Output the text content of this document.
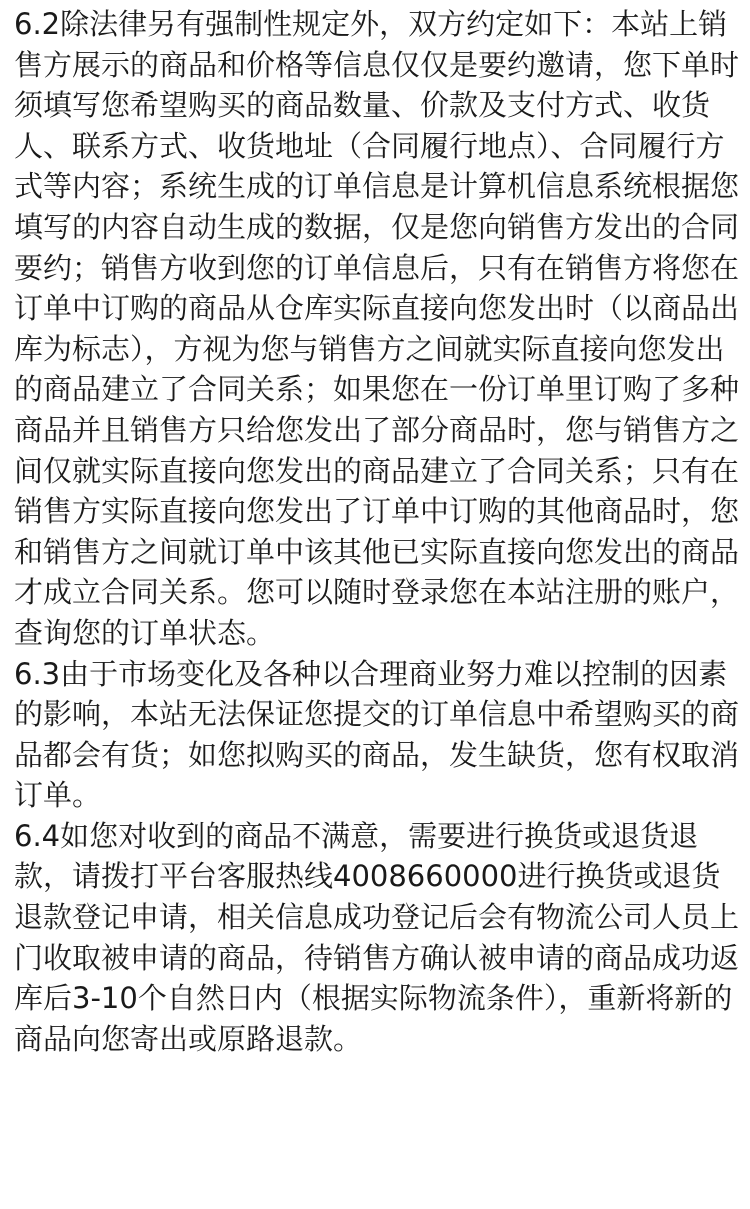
6.2除法律另有强制性规定外，双方约定如下：本站上销售方展示的商品和价格等信息仅仅是要约邀请，您下单时须填写您希望购买的商品数量、价款及支付方式、收货人、联系方式、收货地址（合同履行地点）、合同履行方式等内容；系统生成的订单信息是计算机信息系统根据您填写的内容自动生成的数据，仅是您向销售方发出的合同要约；销售方收到您的订单信息后，只有在销售方将您在订单中订购的商品从仓库实际直接向您发出时（以商品出库为标志），方视为您与销售方之间就实际直接向您发出的商品建立了合同关系；如果您在一份订单里订购了多种商品并且销售方只给您发出了部分商品时，您与销售方之间仅就实际直接向您发出的商品建立了合同关系；只有在销售方实际直接向您发出了订单中订购的其他商品时，您和销售方之间就订单中该其他已实际直接向您发出的商品才成立合同关系。您可以随时登录您在本站注册的账户，查询您的订单状态。

6.3由于市场变化及各种以合理商业努力难以控制的因素的影响，本站无法保证您提交的订单信息中希望购买的商品都会有货；如您拟购买的商品，发生缺货，您有权取消订单。

6.4如您对收到的商品不满意，需要进行换货或退货退款，请拨打平台客服热线4008660000进行换货或退货退款登记申请，相关信息成功登记后会有物流公司人员上门收取被申请的商品，待销售方确认被申请的商品成功返库后3-10个自然日内（根据实际物流条件），重新将新的商品向您寄出或原路退款。
